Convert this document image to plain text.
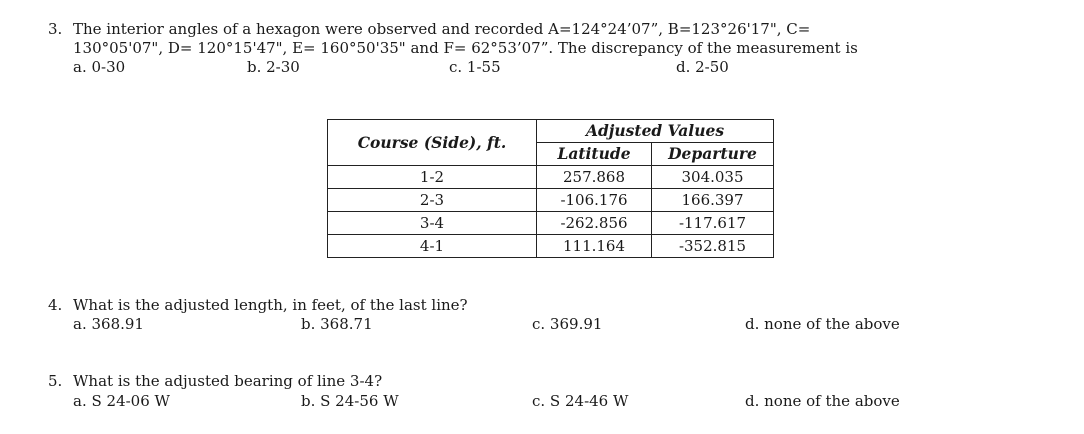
3. The interior angles of a hexagon were observed and recorded A=124°24’07”, B=123°26'17", C=
130°05'07", D= 120°15'47", E= 160°50'35" and F= 62°53’07”. The discrepancy of the measurement is
a. 0-30	b. 2-30	c. 1-55	d. 2-50
Course (Side), ft.	Adjusted Values	
	Latitude	Departure
1-2	257.868	304.035
2-3	-106.176	166.397
3-4	-262.856	-117.617
4-1	111.164	-352.815
4. What is the adjusted length, in feet, of the last line?
a. 368.91	b. 368.71	c. 369.91	d. none of the above
5. What is the adjusted bearing of line 3-4?
a. S 24-06 W	b. S 24-56 W	c. S 24-46 W	d. none of the above
